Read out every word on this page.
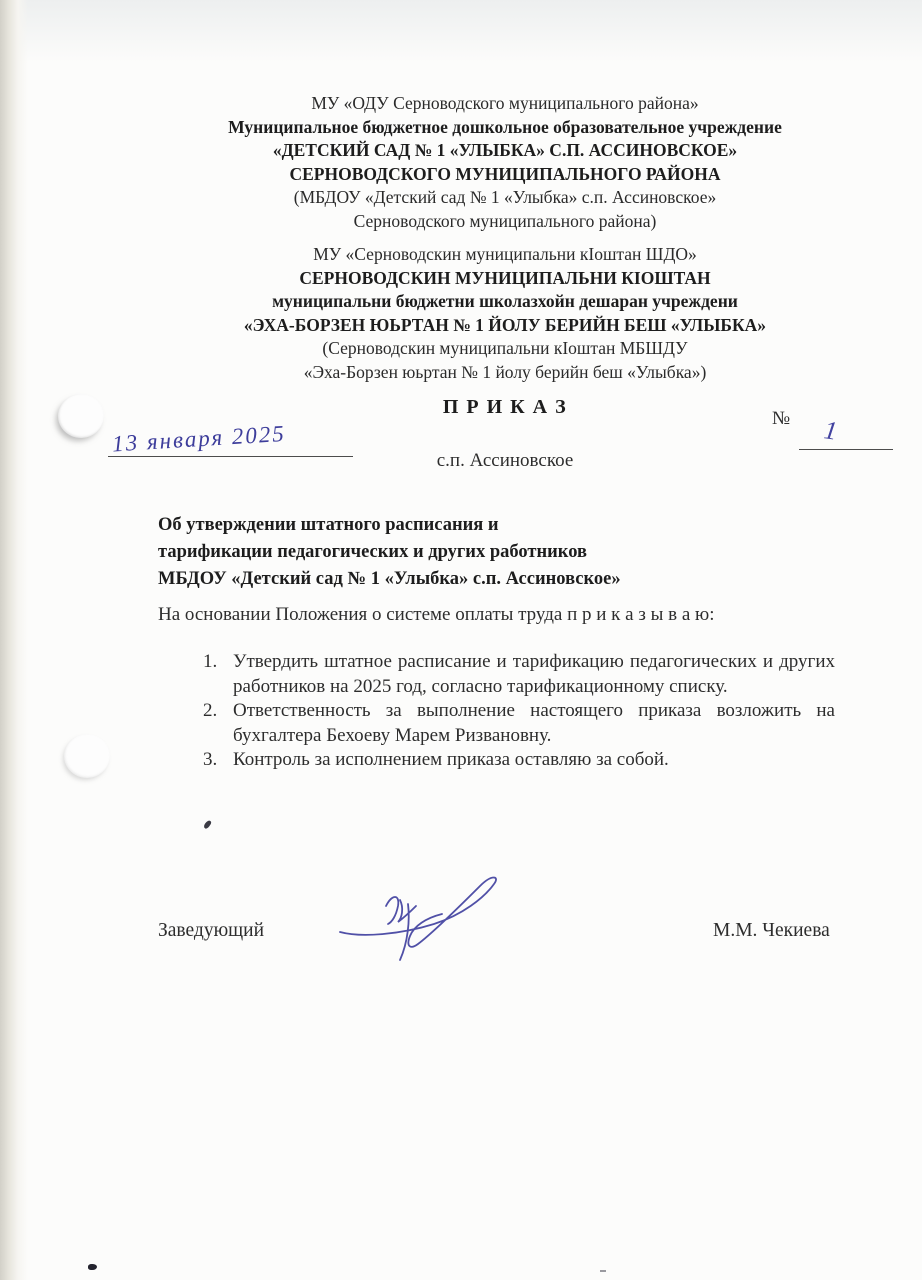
МУ «ОДУ Серноводского муниципального района»

Муниципальное бюджетное дошкольное образовательное учреждение

«ДЕТСКИЙ САД № 1 «УЛЫБКА» С.П. АССИНОВСКОЕ»

СЕРНОВОДСКОГО МУНИЦИПАЛЬНОГО РАЙОНА

(МБДОУ «Детский сад № 1 «Улыбка» с.п. Ассиновское»

Серноводского муниципального района)

МУ «Серноводскин муниципальни кIоштан ШДО»

СЕРНОВОДСКИН МУНИЦИПАЛЬНИ КIОШТАН

муниципальни бюджетни школазхойн дешаран учреждени

«ЭХА-БОРЗЕН ЮЬРТАН № 1 ЙОЛУ БЕРИЙН БЕШ «УЛЫБКА»

(Серноводскин муниципальни кIоштан МБШДУ

«Эха-Борзен юьртан № 1 йолу берийн беш «Улыбка»)

П Р И К А З
№ 1
13 января 2025
с.п. Ассиновское

Об утверждении штатного расписания и

тарификации педагогических и других работников

МБДОУ «Детский сад № 1 «Улыбка» с.п. Ассиновское»

На основании Положения о системе оплаты труда п р и к а з ы в а ю:

1. Утвердить штатное расписание и тарификацию педагогических и других работников на 2025 год, согласно тарификационному списку.

2. Ответственность за выполнение настоящего приказа возложить на бухгалтера Бехоеву Марем Ризвановну.

3. Контроль за исполнением приказа оставляю за собой.

Заведующий	М.М. Чекиева
